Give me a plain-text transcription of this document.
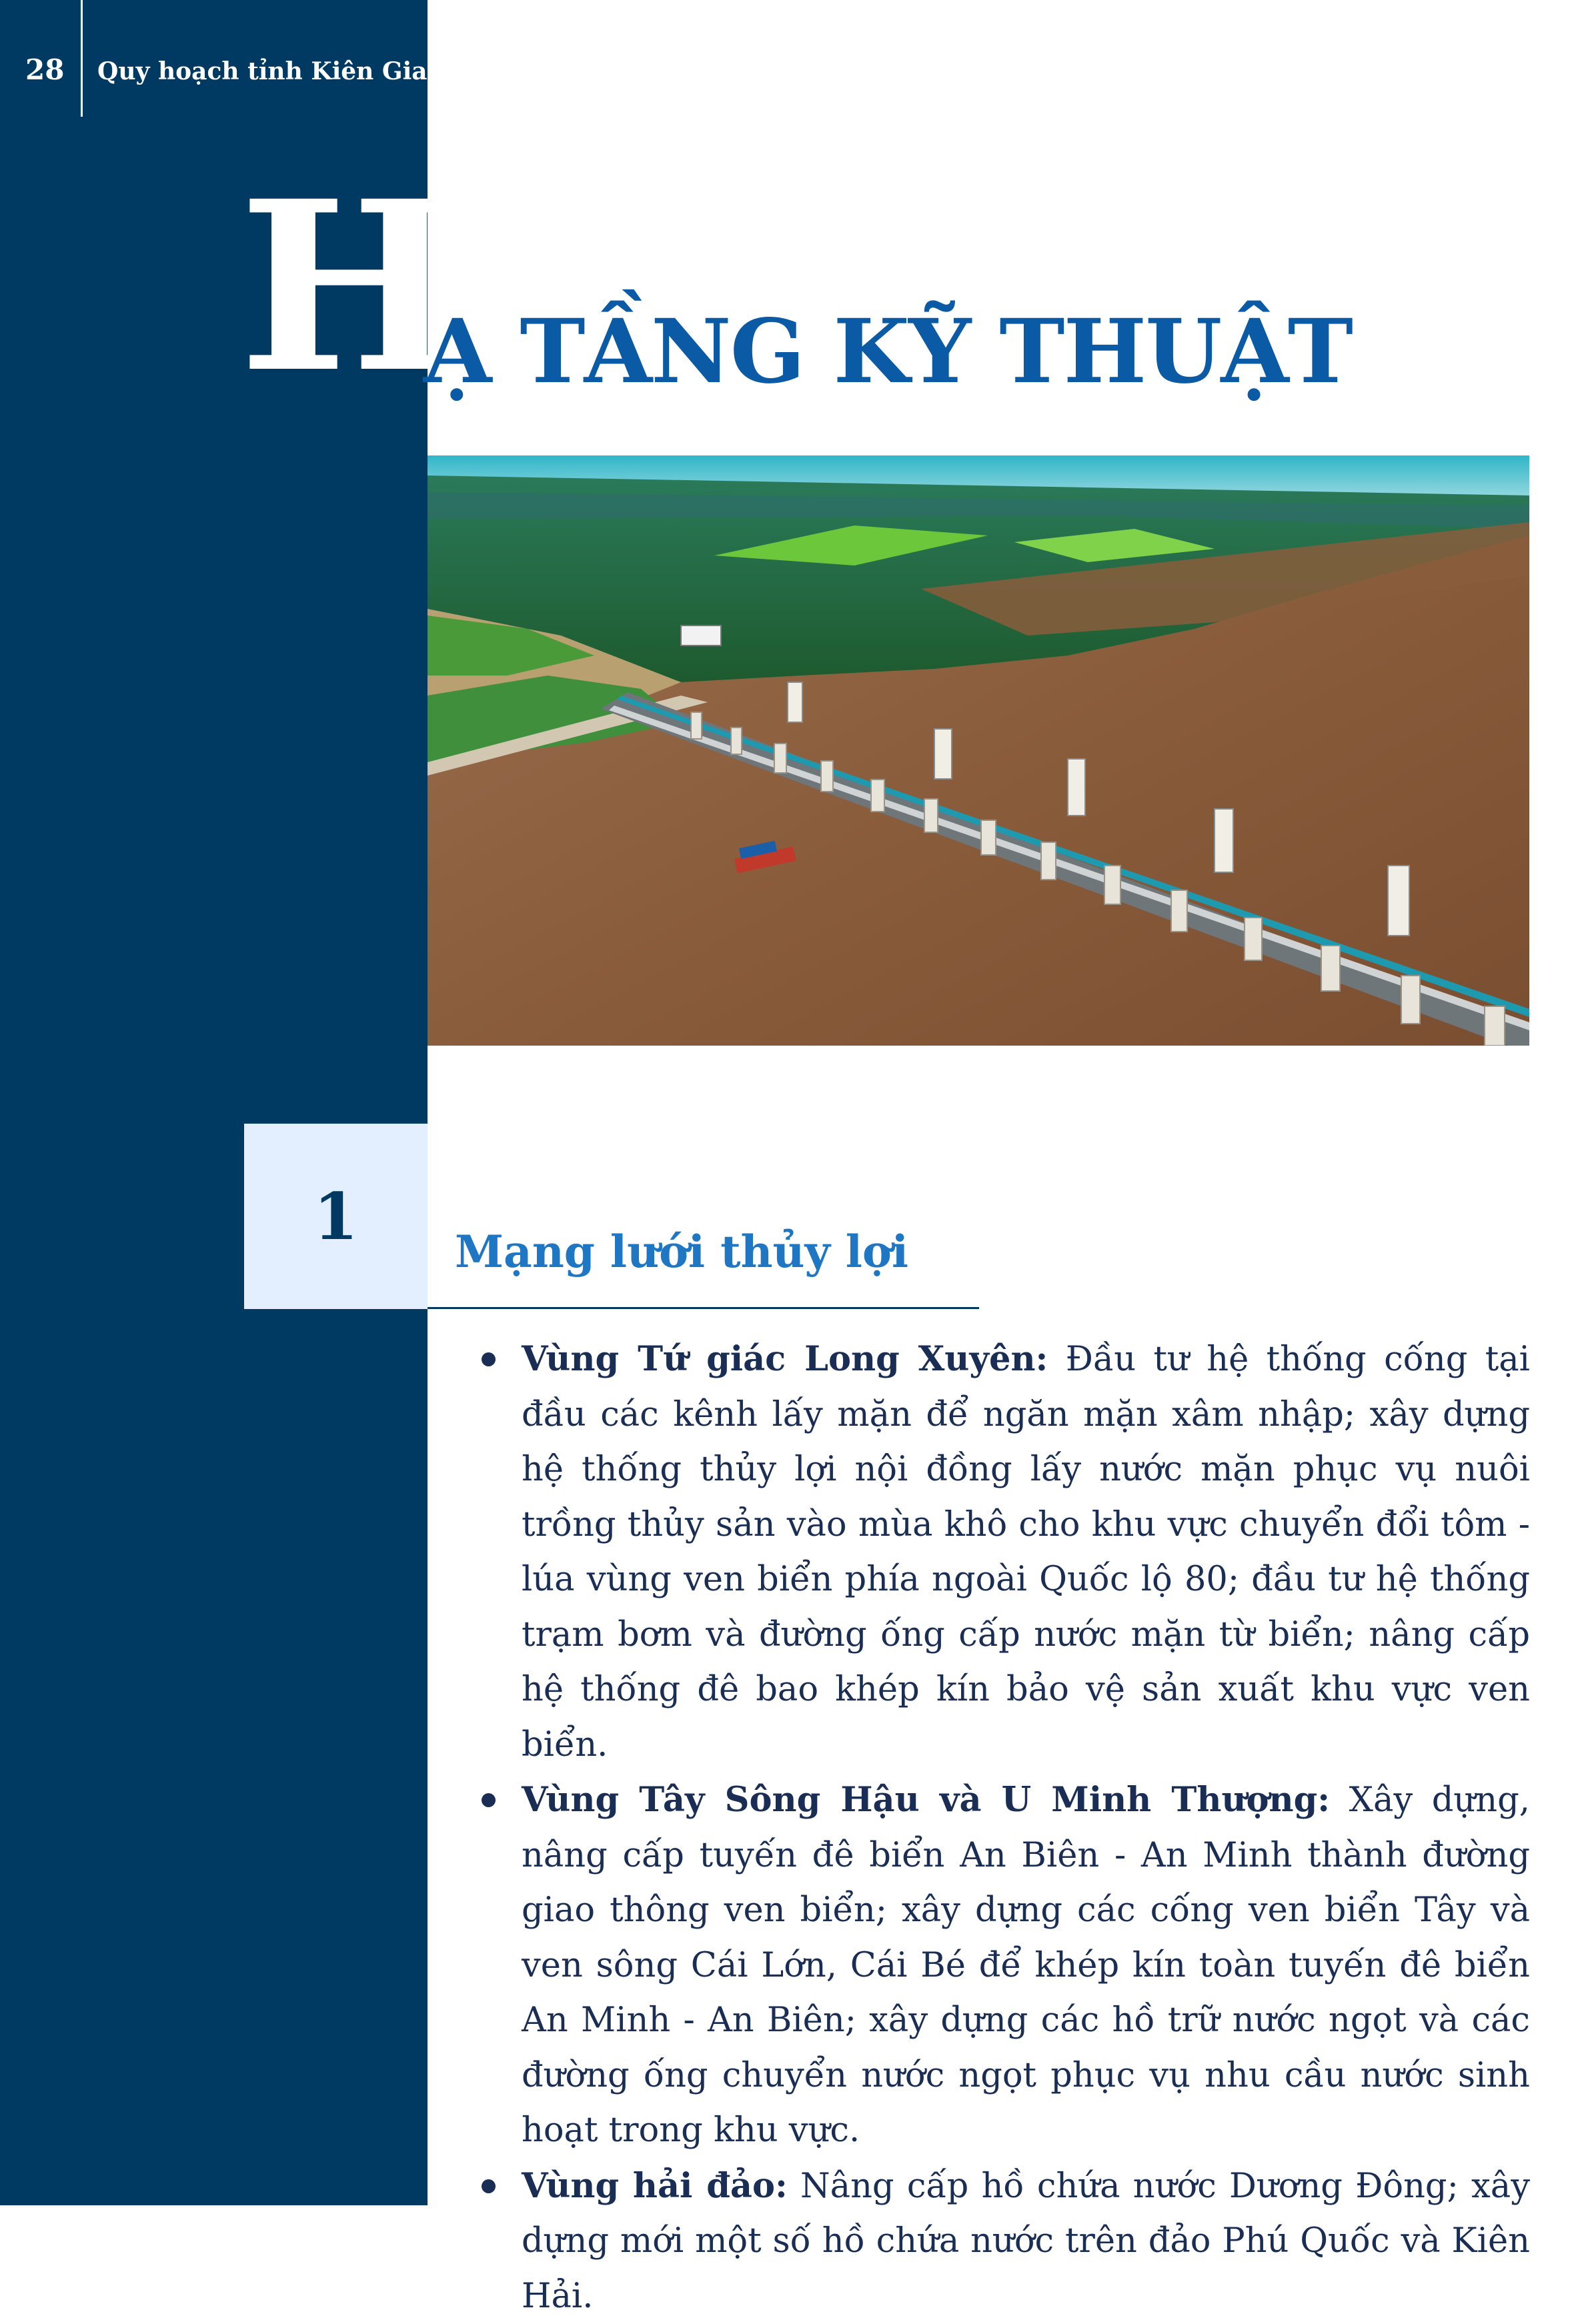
28 Quy hoạch tỉnh Kiên Giang
H
Ạ TẦNG KỸ THUẬT
1	Mạng lưới thủy lợi
Vùng Tứ giác Long Xuyên: Đầu tư hệ thống cống tại đầu các kênh lấy mặn để ngăn mặn xâm nhập; xây dựng hệ thống thủy lợi nội đồng lấy nước mặn phục vụ nuôi trồng thủy sản vào mùa khô cho khu vực chuyển đổi tôm - lúa vùng ven biển phía ngoài Quốc lộ 80; đầu tư hệ thống trạm bơm và đường ống cấp nước mặn từ biển; nâng cấp hệ thống đê bao khép kín bảo vệ sản xuất khu vực ven biển.
Vùng Tây Sông Hậu và U Minh Thượng: Xây dựng, nâng cấp tuyến đê biển An Biên - An Minh thành đường giao thông ven biển; xây dựng các cống ven biển Tây và ven sông Cái Lớn, Cái Bé để khép kín toàn tuyến đê biển An Minh - An Biên; xây dựng các hồ trữ nước ngọt và các đường ống chuyển nước ngọt phục vụ nhu cầu nước sinh hoạt trong khu vực.
Vùng hải đảo: Nâng cấp hồ chứa nước Dương Đông; xây dựng mới một số hồ chứa nước trên đảo Phú Quốc và Kiên Hải.
